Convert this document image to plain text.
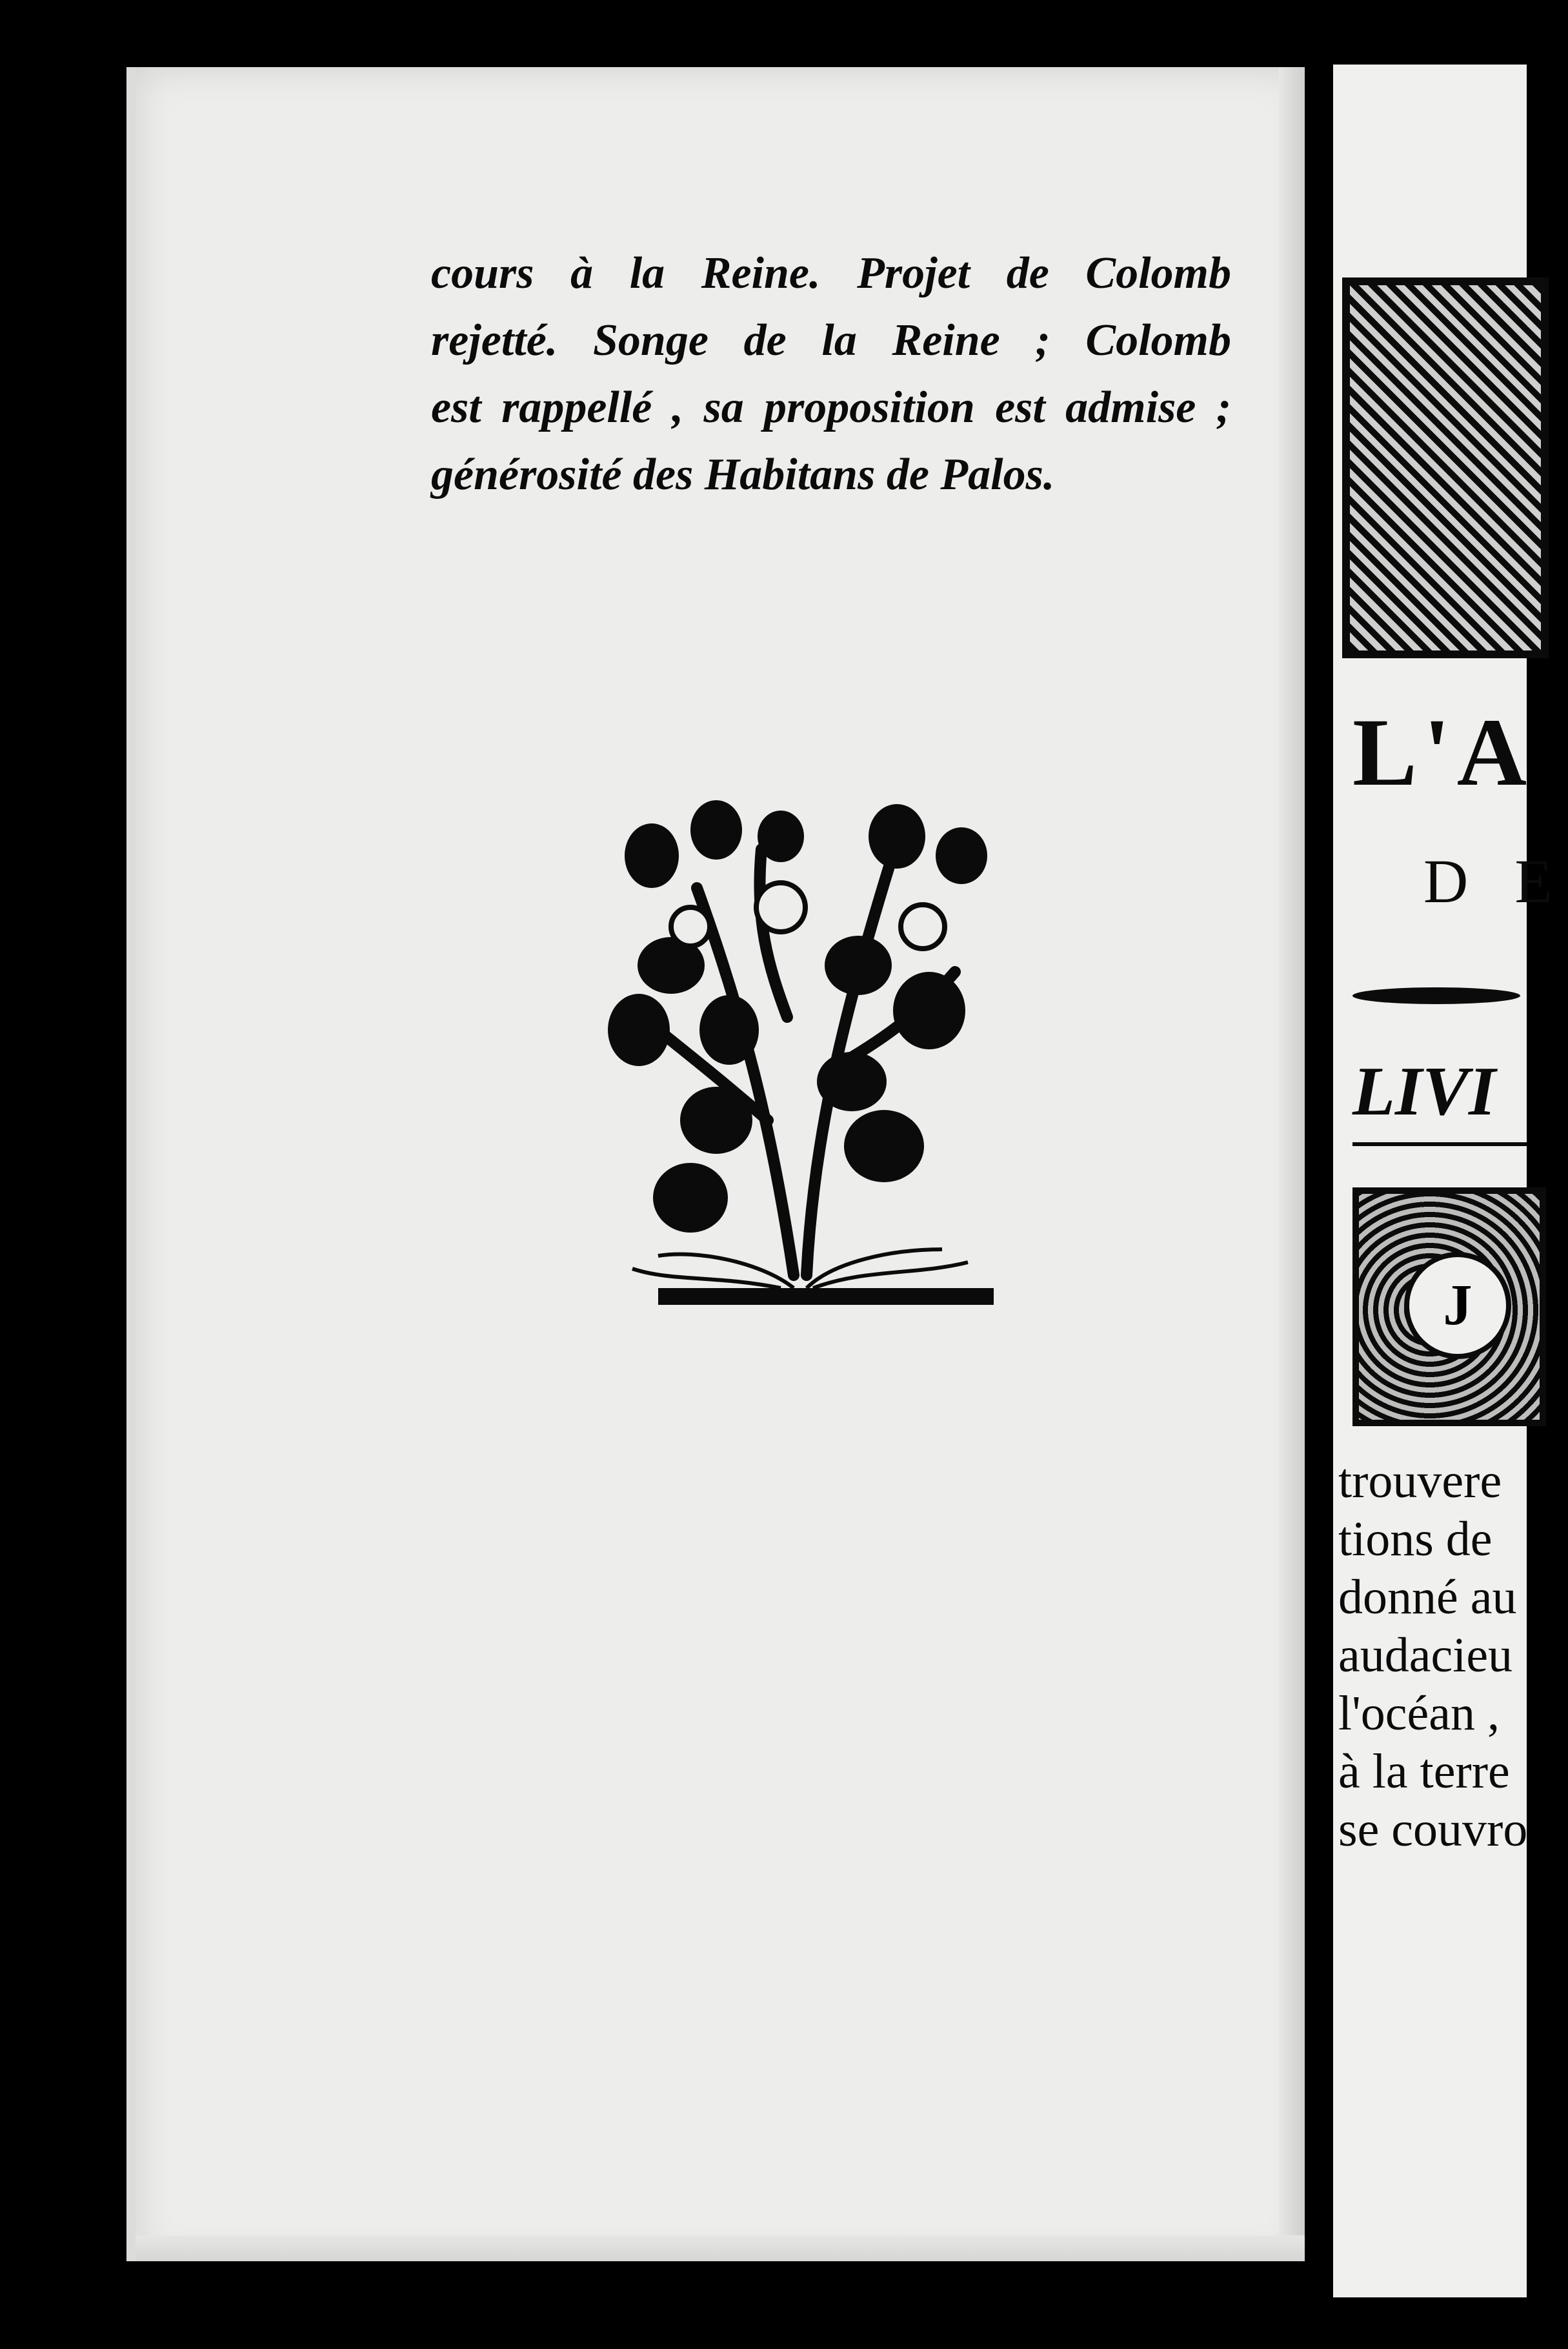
cours à la Reine. Projet de Colomb
rejetté. Songe de la Reine ; Colomb
est rappellé , sa proposition est admise ;
générosité des Habitans de Palos.

L'A
D E
LIVI
J
trouvere
tions de
donné au
audacieu
l'océan ,
à la terre
se couvro
